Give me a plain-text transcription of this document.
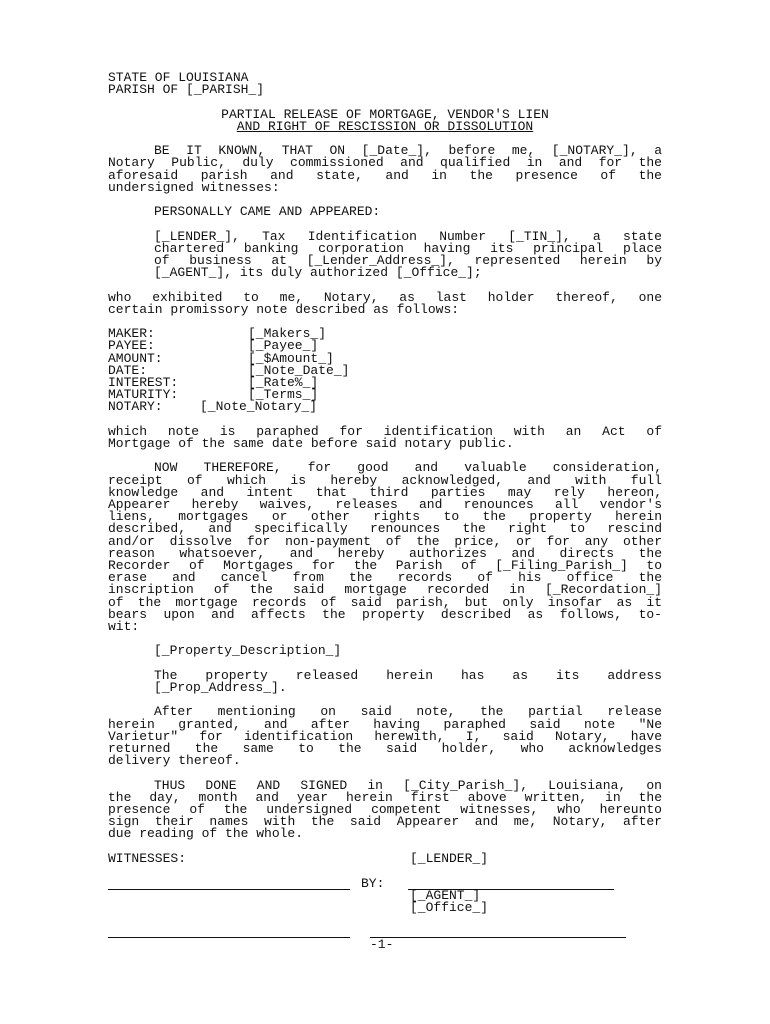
STATE OF LOUISIANA

PARISH OF [_PARISH_]

PARTIAL RELEASE OF MORTGAGE, VENDOR'S LIEN

AND RIGHT OF RESCISSION OR DISSOLUTION

BE IT KNOWN, THAT ON [_Date_], before me, [_NOTARY_], a

Notary Public, duly commissioned and qualified in and for the

aforesaid parish and state, and in the presence of the

undersigned witnesses:

PERSONALLY CAME AND APPEARED:

[_LENDER_], Tax Identification Number [_TIN_], a state

chartered banking corporation having its principal place

of business at [_Lender_Address_], represented herein by

[_AGENT_], its duly authorized [_Office_];

who exhibited to me, Notary, as last holder thereof, one

certain promissory note described as follows:

MAKER:	[_Makers_]
PAYEE:	[_Payee_]
AMOUNT:	[_$Amount_]
DATE:	[_Note_Date_]
INTEREST:	[_Rate%_]
MATURITY:	[_Terms_]
NOTARY:	[_Note_Notary_]

which note is paraphed for identification with an Act of

Mortgage of the same date before said notary public.

NOW THEREFORE, for good and valuable consideration,

receipt of which is hereby acknowledged, and with full

knowledge and intent that third parties may rely hereon,

Appearer hereby waives, releases and renounces all vendor's

liens, mortgages or other rights to the property herein

described, and specifically renounces the right to rescind

and/or dissolve for non-payment of the price, or for any other

reason whatsoever, and hereby authorizes and directs the

Recorder of Mortgages for the Parish of [_Filing_Parish_] to

erase and cancel from the records of his office the

inscription of the said mortgage recorded in [_Recordation_]

of the mortgage records of said parish, but only insofar as it

bears upon and affects the property described as follows, to-

wit:

[_Property_Description_]

The property released herein has as its address

[_Prop_Address_].

After mentioning on said note, the partial release

herein granted, and after having paraphed said note "Ne

Varietur" for identification herewith, I, said Notary, have

returned the same to the said holder, who acknowledges

delivery thereof.

THUS DONE AND SIGNED in [_City_Parish_], Louisiana, on

the day, month and year herein first above written, in the

presence of the undersigned competent witnesses, who hereunto

sign their names with the said Appearer and me, Notary, after

due reading of the whole.

WITNESSES:	[_LENDER_]
BY:
[_AGENT_]
[_Office_]
-1-
